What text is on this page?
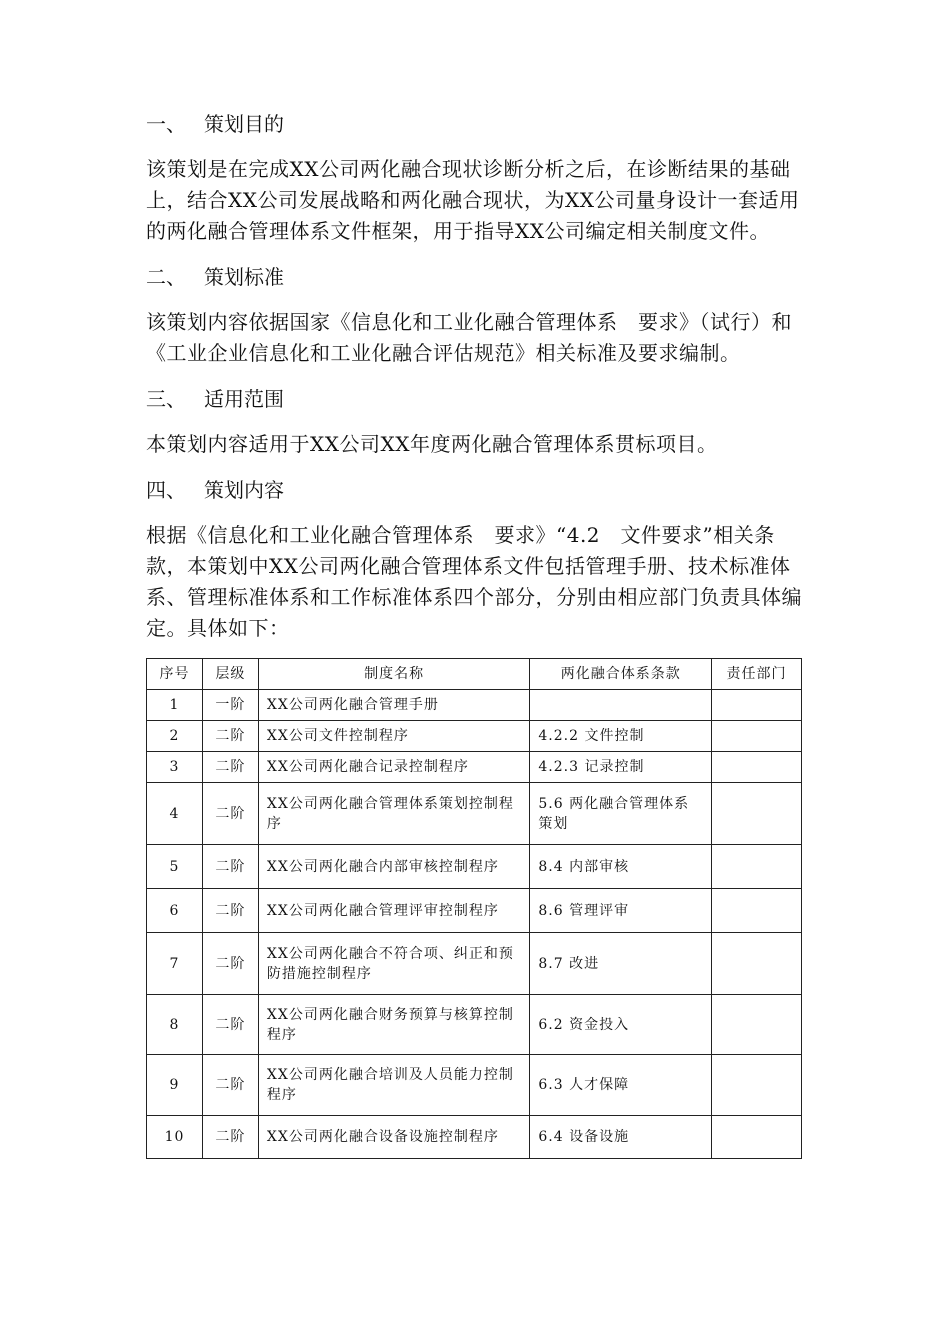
一、 策划目的

该策划是在完成XX公司两化融合现状诊断分析之后，在诊断结果的基础上，结合XX公司发展战略和两化融合现状，为XX公司量身设计一套适用的两化融合管理体系文件框架，用于指导XX公司编定相关制度文件。

二、 策划标准

该策划内容依据国家《信息化和工业化融合管理体系　要求》（试行）和《工业企业信息化和工业化融合评估规范》相关标准及要求编制。

三、 适用范围

本策划内容适用于XX公司XX年度两化融合管理体系贯标项目。

四、 策划内容

根据《信息化和工业化融合管理体系　要求》“4.2　文件要求”相关条款，本策划中XX公司两化融合管理体系文件包括管理手册、技术标准体系、管理标准体系和工作标准体系四个部分，分别由相应部门负责具体编定。具体如下：

序号	层级	制度名称	两化融合体系条款	责任部门
1	一阶	XX公司两化融合管理手册		
2	二阶	XX公司文件控制程序	4.2.2 文件控制	
3	二阶	XX公司两化融合记录控制程序	4.2.3 记录控制	
4	二阶	XX公司两化融合管理体系策划控制程序	5.6 两化融合管理体系策划	
5	二阶	XX公司两化融合内部审核控制程序	8.4 内部审核	
6	二阶	XX公司两化融合管理评审控制程序	8.6 管理评审	
7	二阶	XX公司两化融合不符合项、纠正和预防措施控制程序	8.7 改进	
8	二阶	XX公司两化融合财务预算与核算控制程序	6.2 资金投入	
9	二阶	XX公司两化融合培训及人员能力控制程序	6.3 人才保障	
10	二阶	XX公司两化融合设备设施控制程序	6.4 设备设施	
